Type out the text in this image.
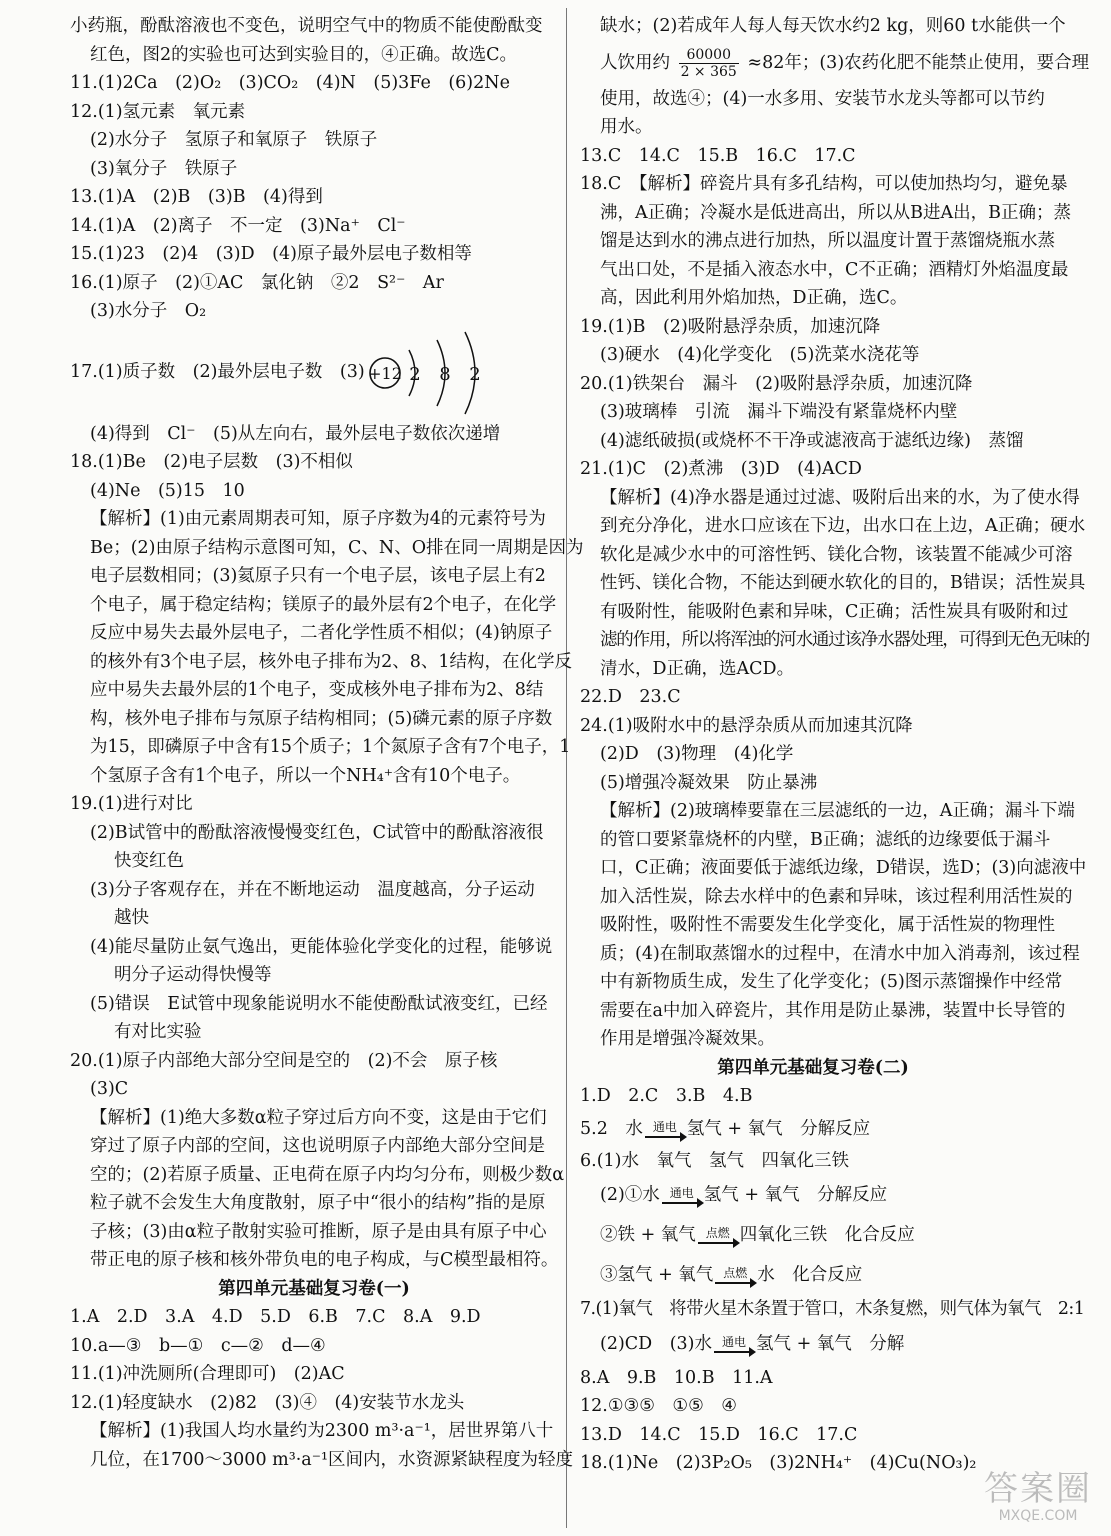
小药瓶，酚酞溶液也不变色，说明空气中的物质不能使酚酞变
红色，图2的实验也可达到实验目的，④正确。故选C。
11.(1)2Ca　(2)O₂　(3)CO₂　(4)N　(5)3Fe　(6)2Ne
12.(1)氢元素　氧元素
(2)水分子　氢原子和氧原子　铁原子
(3)氧分子　铁原子
13.(1)A　(2)B　(3)B　(4)得到
14.(1)A　(2)离子　不一定　(3)Na⁺　Cl⁻
15.(1)23　(2)4　(3)D　(4)原子最外层电子数相等
16.(1)原子　(2)①AC　氯化钠　②2　S²⁻　Ar
(3)水分子　O₂
17.(1)质子数　(2)最外层电子数　(3) +12 2 8 2
(4)得到　Cl⁻　(5)从左向右，最外层电子数依次递增
18.(1)Be　(2)电子层数　(3)不相似
(4)Ne　(5)15　10
【解析】(1)由元素周期表可知，原子序数为4的元素符号为
Be；(2)由原子结构示意图可知，C、N、O排在同一周期是因为
电子层数相同；(3)氦原子只有一个电子层，该电子层上有2
个电子，属于稳定结构；镁原子的最外层有2个电子，在化学
反应中易失去最外层电子，二者化学性质不相似；(4)钠原子
的核外有3个电子层，核外电子排布为2、8、1结构，在化学反
应中易失去最外层的1个电子，变成核外电子排布为2、8结
构，核外电子排布与氖原子结构相同；(5)磷元素的原子序数
为15，即磷原子中含有15个质子；1个氮原子含有7个电子，1
个氢原子含有1个电子，所以一个NH₄⁺含有10个电子。
19.(1)进行对比
(2)B试管中的酚酞溶液慢慢变红色，C试管中的酚酞溶液很
快变红色
(3)分子客观存在，并在不断地运动　温度越高，分子运动
越快
(4)能尽量防止氨气逸出，更能体验化学变化的过程，能够说
明分子运动得快慢等
(5)错误　E试管中现象能说明水不能使酚酞试液变红，已经
有对比实验
20.(1)原子内部绝大部分空间是空的　(2)不会　原子核
(3)C
【解析】(1)绝大多数α粒子穿过后方向不变，这是由于它们
穿过了原子内部的空间，这也说明原子内部绝大部分空间是
空的；(2)若原子质量、正电荷在原子内均匀分布，则极少数α
粒子就不会发生大角度散射，原子中“很小的结构”指的是原
子核；(3)由α粒子散射实验可推断，原子是由具有原子中心
带正电的原子核和核外带负电的电子构成，与C模型最相符。
第四单元基础复习卷(一)
1.A　2.D　3.A　4.D　5.D　6.B　7.C　8.A　9.D
10.a—③　b—①　c—②　d—④
11.(1)冲洗厕所(合理即可)　(2)AC
12.(1)轻度缺水　(2)82　(3)④　(4)安装节水龙头
【解析】(1)我国人均水量约为2300 m³·a⁻¹，居世界第八十
几位，在1700～3000 m³·a⁻¹区间内，水资源紧缺程度为轻度
缺水；(2)若成年人每人每天饮水约2 kg，则60 t水能供一个
人饮用约 $\frac{60000}{2 \times 365} \approx 82$年；(3)农药化肥不能禁止使用，要合理
使用，故选④；(4)一水多用、安装节水龙头等都可以节约
用水。
13.C　14.C　15.B　16.C　17.C
18.C　【解析】碎瓷片具有多孔结构，可以使加热均匀，避免暴
沸，A正确；冷凝水是低进高出，所以从B进A出，B正确；蒸
馏是达到水的沸点进行加热，所以温度计置于蒸馏烧瓶水蒸
气出口处，不是插入液态水中，C不正确；酒精灯外焰温度最
高，因此利用外焰加热，D正确，选C。
19.(1)B　(2)吸附悬浮杂质，加速沉降
(3)硬水　(4)化学变化　(5)洗菜水浇花等
20.(1)铁架台　漏斗　(2)吸附悬浮杂质，加速沉降
(3)玻璃棒　引流　漏斗下端没有紧靠烧杯内壁
(4)滤纸破损(或烧杯不干净或滤液高于滤纸边缘)　蒸馏
21.(1)C　(2)煮沸　(3)D　(4)ACD
【解析】(4)净水器是通过过滤、吸附后出来的水，为了使水得
到充分净化，进水口应该在下边，出水口在上边，A正确；硬水
软化是减少水中的可溶性钙、镁化合物，该装置不能减少可溶
性钙、镁化合物，不能达到硬水软化的目的，B错误；活性炭具
有吸附性，能吸附色素和异味，C正确；活性炭具有吸附和过
滤的作用，所以将浑浊的河水通过该净水器处理，可得到无色无味的
清水，D正确，选ACD。
22.D　23.C
24.(1)吸附水中的悬浮杂质从而加速其沉降
(2)D　(3)物理　(4)化学
(5)增强冷凝效果　防止暴沸
【解析】(2)玻璃棒要靠在三层滤纸的一边，A正确；漏斗下端
的管口要紧靠烧杯的内壁，B正确；滤纸的边缘要低于漏斗
口，C正确；液面要低于滤纸边缘，D错误，选D；(3)向滤液中
加入活性炭，除去水样中的色素和异味，该过程利用活性炭的
吸附性，吸附性不需要发生化学变化，属于活性炭的物理性
质；(4)在制取蒸馏水的过程中，在清水中加入消毒剂，该过程
中有新物质生成，发生了化学变化；(5)图示蒸馏操作中经常
需要在a中加入碎瓷片，其作用是防止暴沸，装置中长导管的
作用是增强冷凝效果。
第四单元基础复习卷(二)
1.D　2.C　3.B　4.B
5.2　水 通电 氢气 + 氧气　分解反应
6.(1)水　氧气　氢气　四氧化三铁
(2)①水 通电 氢气 + 氧气　分解反应
②铁 + 氧气 点燃 四氧化三铁　化合反应
③氢气 + 氧气 点燃 水　化合反应
7.(1)氧气　将带火星木条置于管口，木条复燃，则气体为氧气　2:1
(2)CD　(3)水 通电 氢气 + 氧气　分解
8.A　9.B　10.B　11.A
12.①③⑤　①⑤　④
13.D　14.C　15.D　16.C　17.C
18.(1)Ne　(2)3P₂O₅　(3)2NH₄⁺　(4)Cu(NO₃)₂
答案圈
MXQE.COM
